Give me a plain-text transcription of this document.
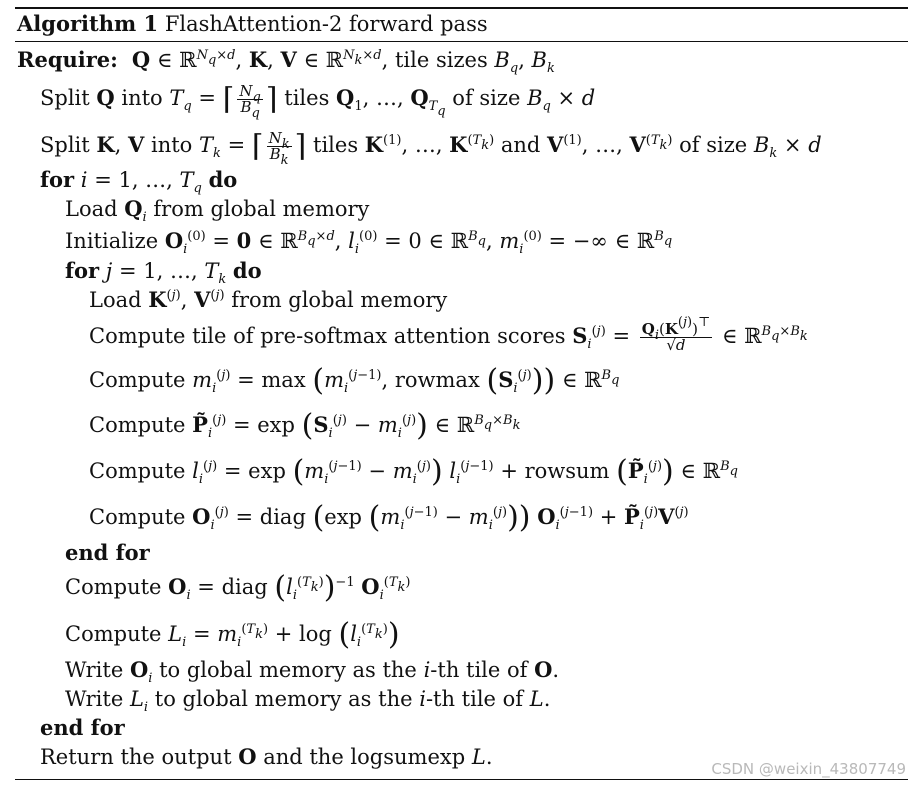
Algorithm 1 FlashAttention-2 forward pass
Require:  Q ∈ ℝ$^{N_q\times d}$, K, V ∈ ℝ$^{N_k\times d}$, tile sizes $B_q$, $B_k$
Split Q into $T_q$ = ⌈ $\frac{N_q}{B_q}$ ⌉ tiles $Q_1$, …, $Q_{T_q}$ of size $B_q \times d$
Split K, V into $T_k$ = ⌈ $\frac{N_k}{B_k}$ ⌉ tiles $K^{(1)}$, …, $K^{(T_k)}$ and $V^{(1)}$, …, $V^{(T_k)}$ of size $B_k \times d$
for i = 1, …, $T_q$ do
Load $Q_i$ from global memory
Initialize $O_i^{(0)} = 0$ ∈ ℝ$^{B_q\times d}$, $l_i^{(0)} = 0$ ∈ ℝ$^{B_q}$, $m_i^{(0)}$ = −∞ ∈ ℝ$^{B_q}$
for j = 1, …, $T_k$ do
Load $K^{(j)}$, $V^{(j)}$ from global memory
Compute tile of pre-softmax attention scores $S_i^{(j)} = \frac{Q_i(K^{(j)})^⊤}{√d}$ ∈ ℝ$^{B_q\times B_k}$
Compute $m_i^{(j)} = \max (m_i^{(j-1)}$, rowmax $(S_i^{(j)})$) ∈ ℝ$^{B_q}$
Compute $P̃_i^{(j)} = \exp (S_i^{(j)} - m_i^{(j)})$ ∈ ℝ$^{B_q\times B_k}$
Compute $l_i^{(j)} = \exp (m_i^{(j-1)} - m_i^{(j)}) l_i^{(j-1)}$ + rowsum $(P̃_i^{(j)})$ ∈ ℝ$^{B_q}$
Compute $O_i^{(j)}$ = diag (exp $(m_i^{(j-1)} - m_i^{(j)})$) $O_i^{(j-1)}$ + $P̃_i^{(j)}V^{(j)}$
end for
Compute $O_i$ = diag $(l_i^{(T_k)})^{-1}$ $O_i^{(T_k)}$
Compute $L_i = m_i^{(T_k)} + \log (l_i^{(T_k)})$
Write $O_i$ to global memory as the i-th tile of O.
Write $L_i$ to global memory as the i-th tile of L.
end for
Return the output O and the logsumexp L.	CSDN @weixin_43807749
